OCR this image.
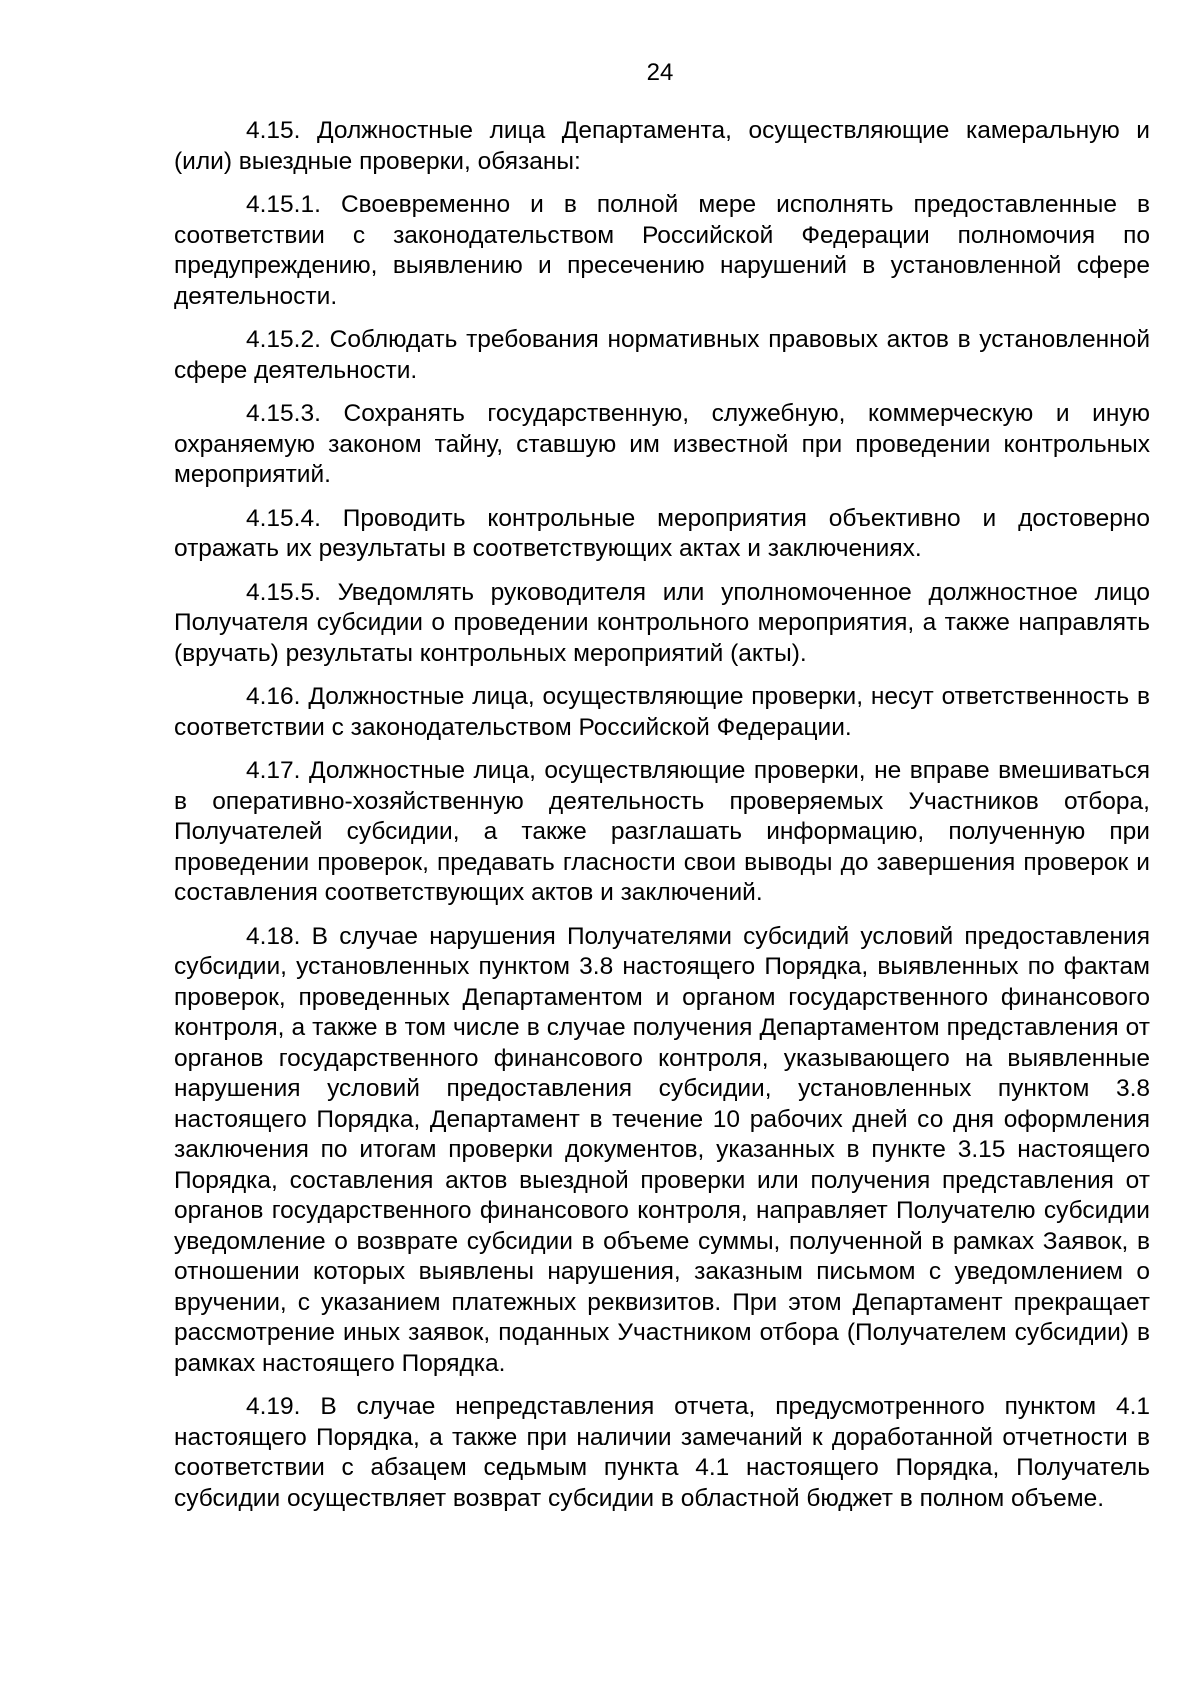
24

4.15. Должностные лица Департамента, осуществляющие камеральную и (или) выездные проверки, обязаны:

4.15.1. Своевременно и в полной мере исполнять предоставленные в соответствии с законодательством Российской Федерации полномочия по предупреждению, выявлению и пресечению нарушений в установленной сфере деятельности.

4.15.2. Соблюдать требования нормативных правовых актов в установленной сфере деятельности.

4.15.3. Сохранять государственную, служебную, коммерческую и иную охраняемую законом тайну, ставшую им известной при проведении контрольных мероприятий.

4.15.4. Проводить контрольные мероприятия объективно и достоверно отражать их результаты в соответствующих актах и заключениях.

4.15.5. Уведомлять руководителя или уполномоченное должностное лицо Получателя субсидии о проведении контрольного мероприятия, а также направлять (вручать) результаты контрольных мероприятий (акты).

4.16. Должностные лица, осуществляющие проверки, несут ответственность в соответствии с законодательством Российской Федерации.

4.17. Должностные лица, осуществляющие проверки, не вправе вмешиваться в оперативно-хозяйственную деятельность проверяемых Участников отбора, Получателей субсидии, а также разглашать информацию, полученную при проведении проверок, предавать гласности свои выводы до завершения проверок и составления соответствующих актов и заключений.

4.18. В случае нарушения Получателями субсидий условий предоставления субсидии, установленных пунктом 3.8 настоящего Порядка, выявленных по фактам проверок, проведенных Департаментом и органом государственного финансового контроля, а также в том числе в случае получения Департаментом представления от органов государственного финансового контроля, указывающего на выявленные нарушения условий предоставления субсидии, установленных пунктом 3.8 настоящего Порядка, Департамент в течение 10 рабочих дней со дня оформления заключения по итогам проверки документов, указанных в пункте 3.15 настоящего Порядка, составления актов выездной проверки или получения представления от органов государственного финансового контроля, направляет Получателю субсидии уведомление о возврате субсидии в объеме суммы, полученной в рамках Заявок, в отношении которых выявлены нарушения, заказным письмом с уведомлением о вручении, с указанием платежных реквизитов. При этом Департамент прекращает рассмотрение иных заявок, поданных Участником отбора (Получателем субсидии) в рамках настоящего Порядка.

4.19. В случае непредставления отчета, предусмотренного пунктом 4.1 настоящего Порядка, а также при наличии замечаний к доработанной отчетности в соответствии с абзацем седьмым пункта 4.1 настоящего Порядка, Получатель субсидии осуществляет возврат субсидии в областной бюджет в полном объеме.
